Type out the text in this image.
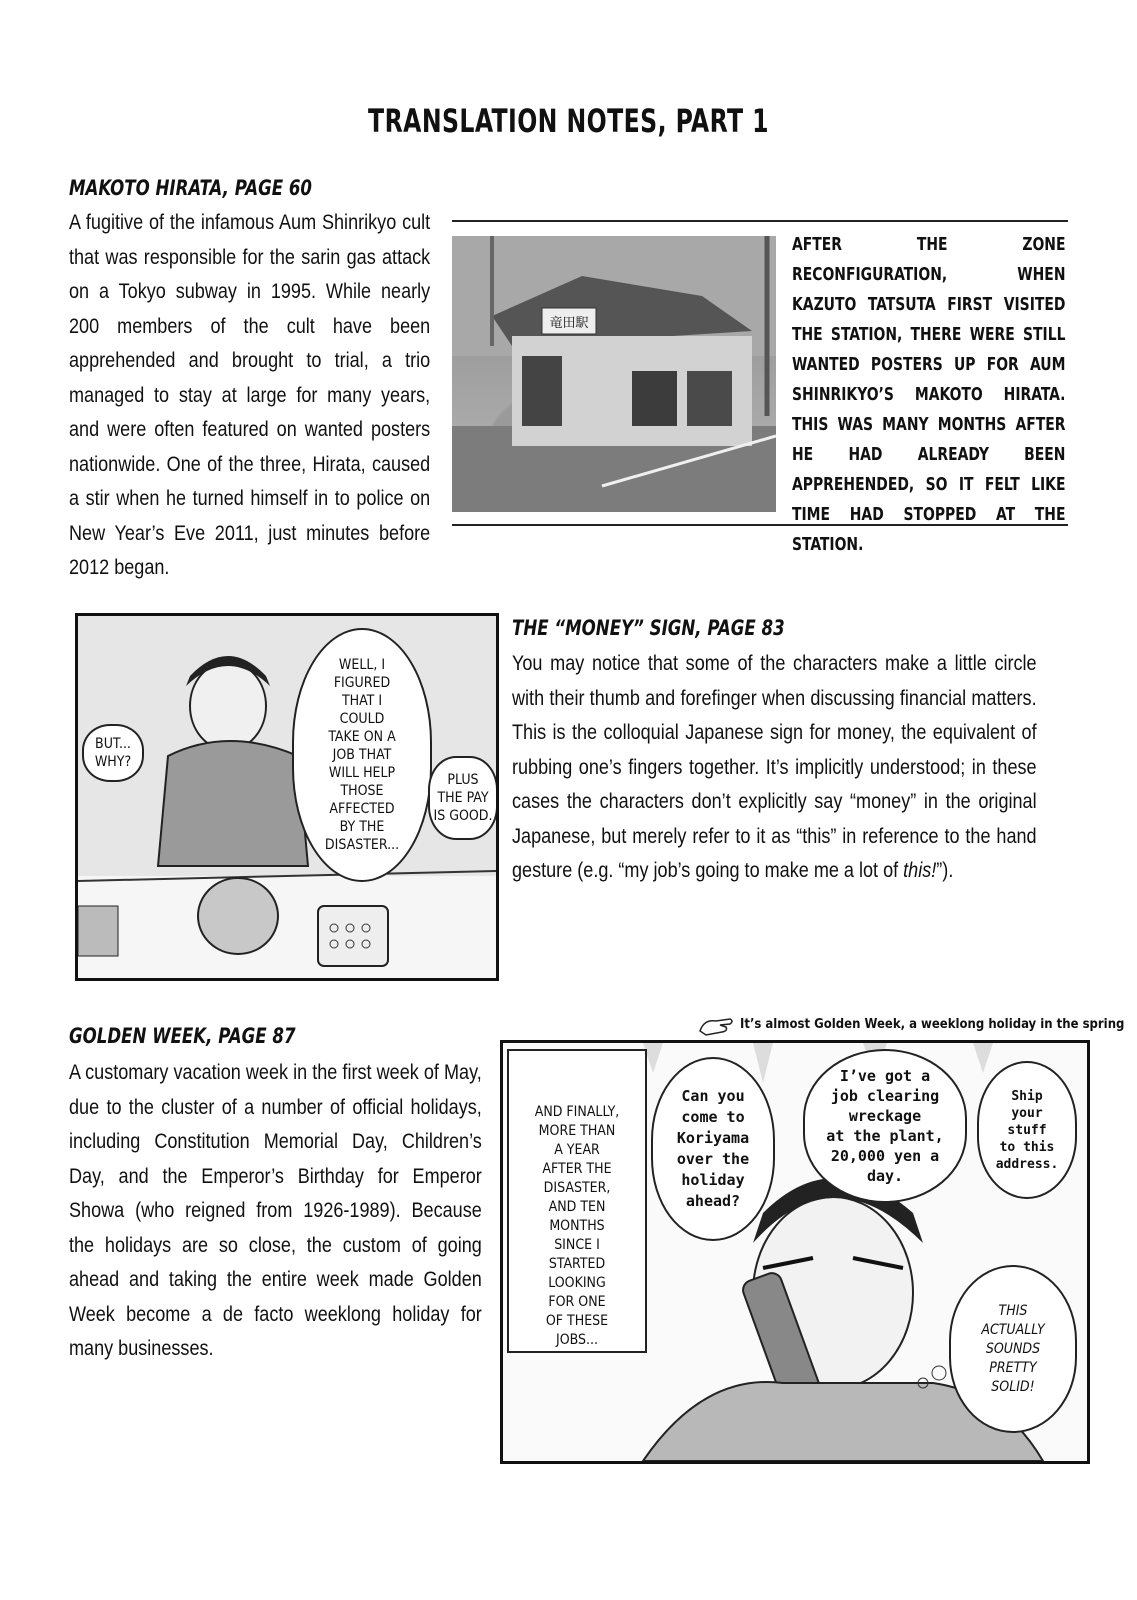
TRANSLATION NOTES, PART 1
MAKOTO HIRATA, PAGE 60
A fugitive of the infamous Aum Shinrikyo cult that was responsible for the sarin gas attack on a Tokyo subway in 1995. While nearly 200 members of the cult have been apprehended and brought to trial, a trio managed to stay at large for many years, and were often featured on wanted posters nationwide. One of the three, Hirata, caused a stir when he turned himself in to police on New Year’s Eve 2011, just minutes before 2012 began.
竜田駅
AFTER THE ZONE RECONFIGURATION, WHEN KAZUTO TATSUTA FIRST VISITED THE STATION, THERE WERE STILL WANTED POSTERS UP FOR AUM SHINRIKYO’S MAKOTO HIRATA. THIS WAS MANY MONTHS AFTER HE HAD ALREADY BEEN APPREHENDED, SO IT FELT LIKE TIME HAD STOPPED AT THE STATION.
BUT...
WHY?
WELL, I
FIGURED
THAT I
COULD
TAKE ON A
JOB THAT
WILL HELP
THOSE
AFFECTED
BY THE
DISASTER...
PLUS
THE PAY
IS GOOD.
THE “MONEY” SIGN, PAGE 83
You may notice that some of the characters make a little circle with their thumb and forefinger when discussing financial matters. This is the colloquial Japanese sign for money, the equivalent of rubbing one’s fingers together. It’s implicitly understood; in these cases the characters don’t explicitly say “money” in the original Japanese, but merely refer to it as “this” in reference to the hand gesture (e.g. “my job’s going to make me a lot of this!”).
GOLDEN WEEK, PAGE 87
A customary vacation week in the first week of May, due to the cluster of a number of official holidays, including Constitution Memorial Day, Children’s Day, and the Emperor’s Birthday for Emperor Showa (who reigned from 1926-1989). Because the holidays are so close, the custom of going ahead and taking the entire week made Golden Week become a de facto weeklong holiday for many businesses.
It’s almost Golden Week, a weeklong holiday in the spring
AND FINALLY,
MORE THAN
A YEAR
AFTER THE
DISASTER,
AND TEN
MONTHS
SINCE I
STARTED
LOOKING
FOR ONE
OF THESE
JOBS...
Can you
come to
Koriyama
over the
holiday
ahead?
I’ve got a
job clearing
wreckage
at the plant,
20,000 yen a
day.
Ship
your
stuff
to this
address.
THIS
ACTUALLY
SOUNDS
PRETTY
SOLID!
